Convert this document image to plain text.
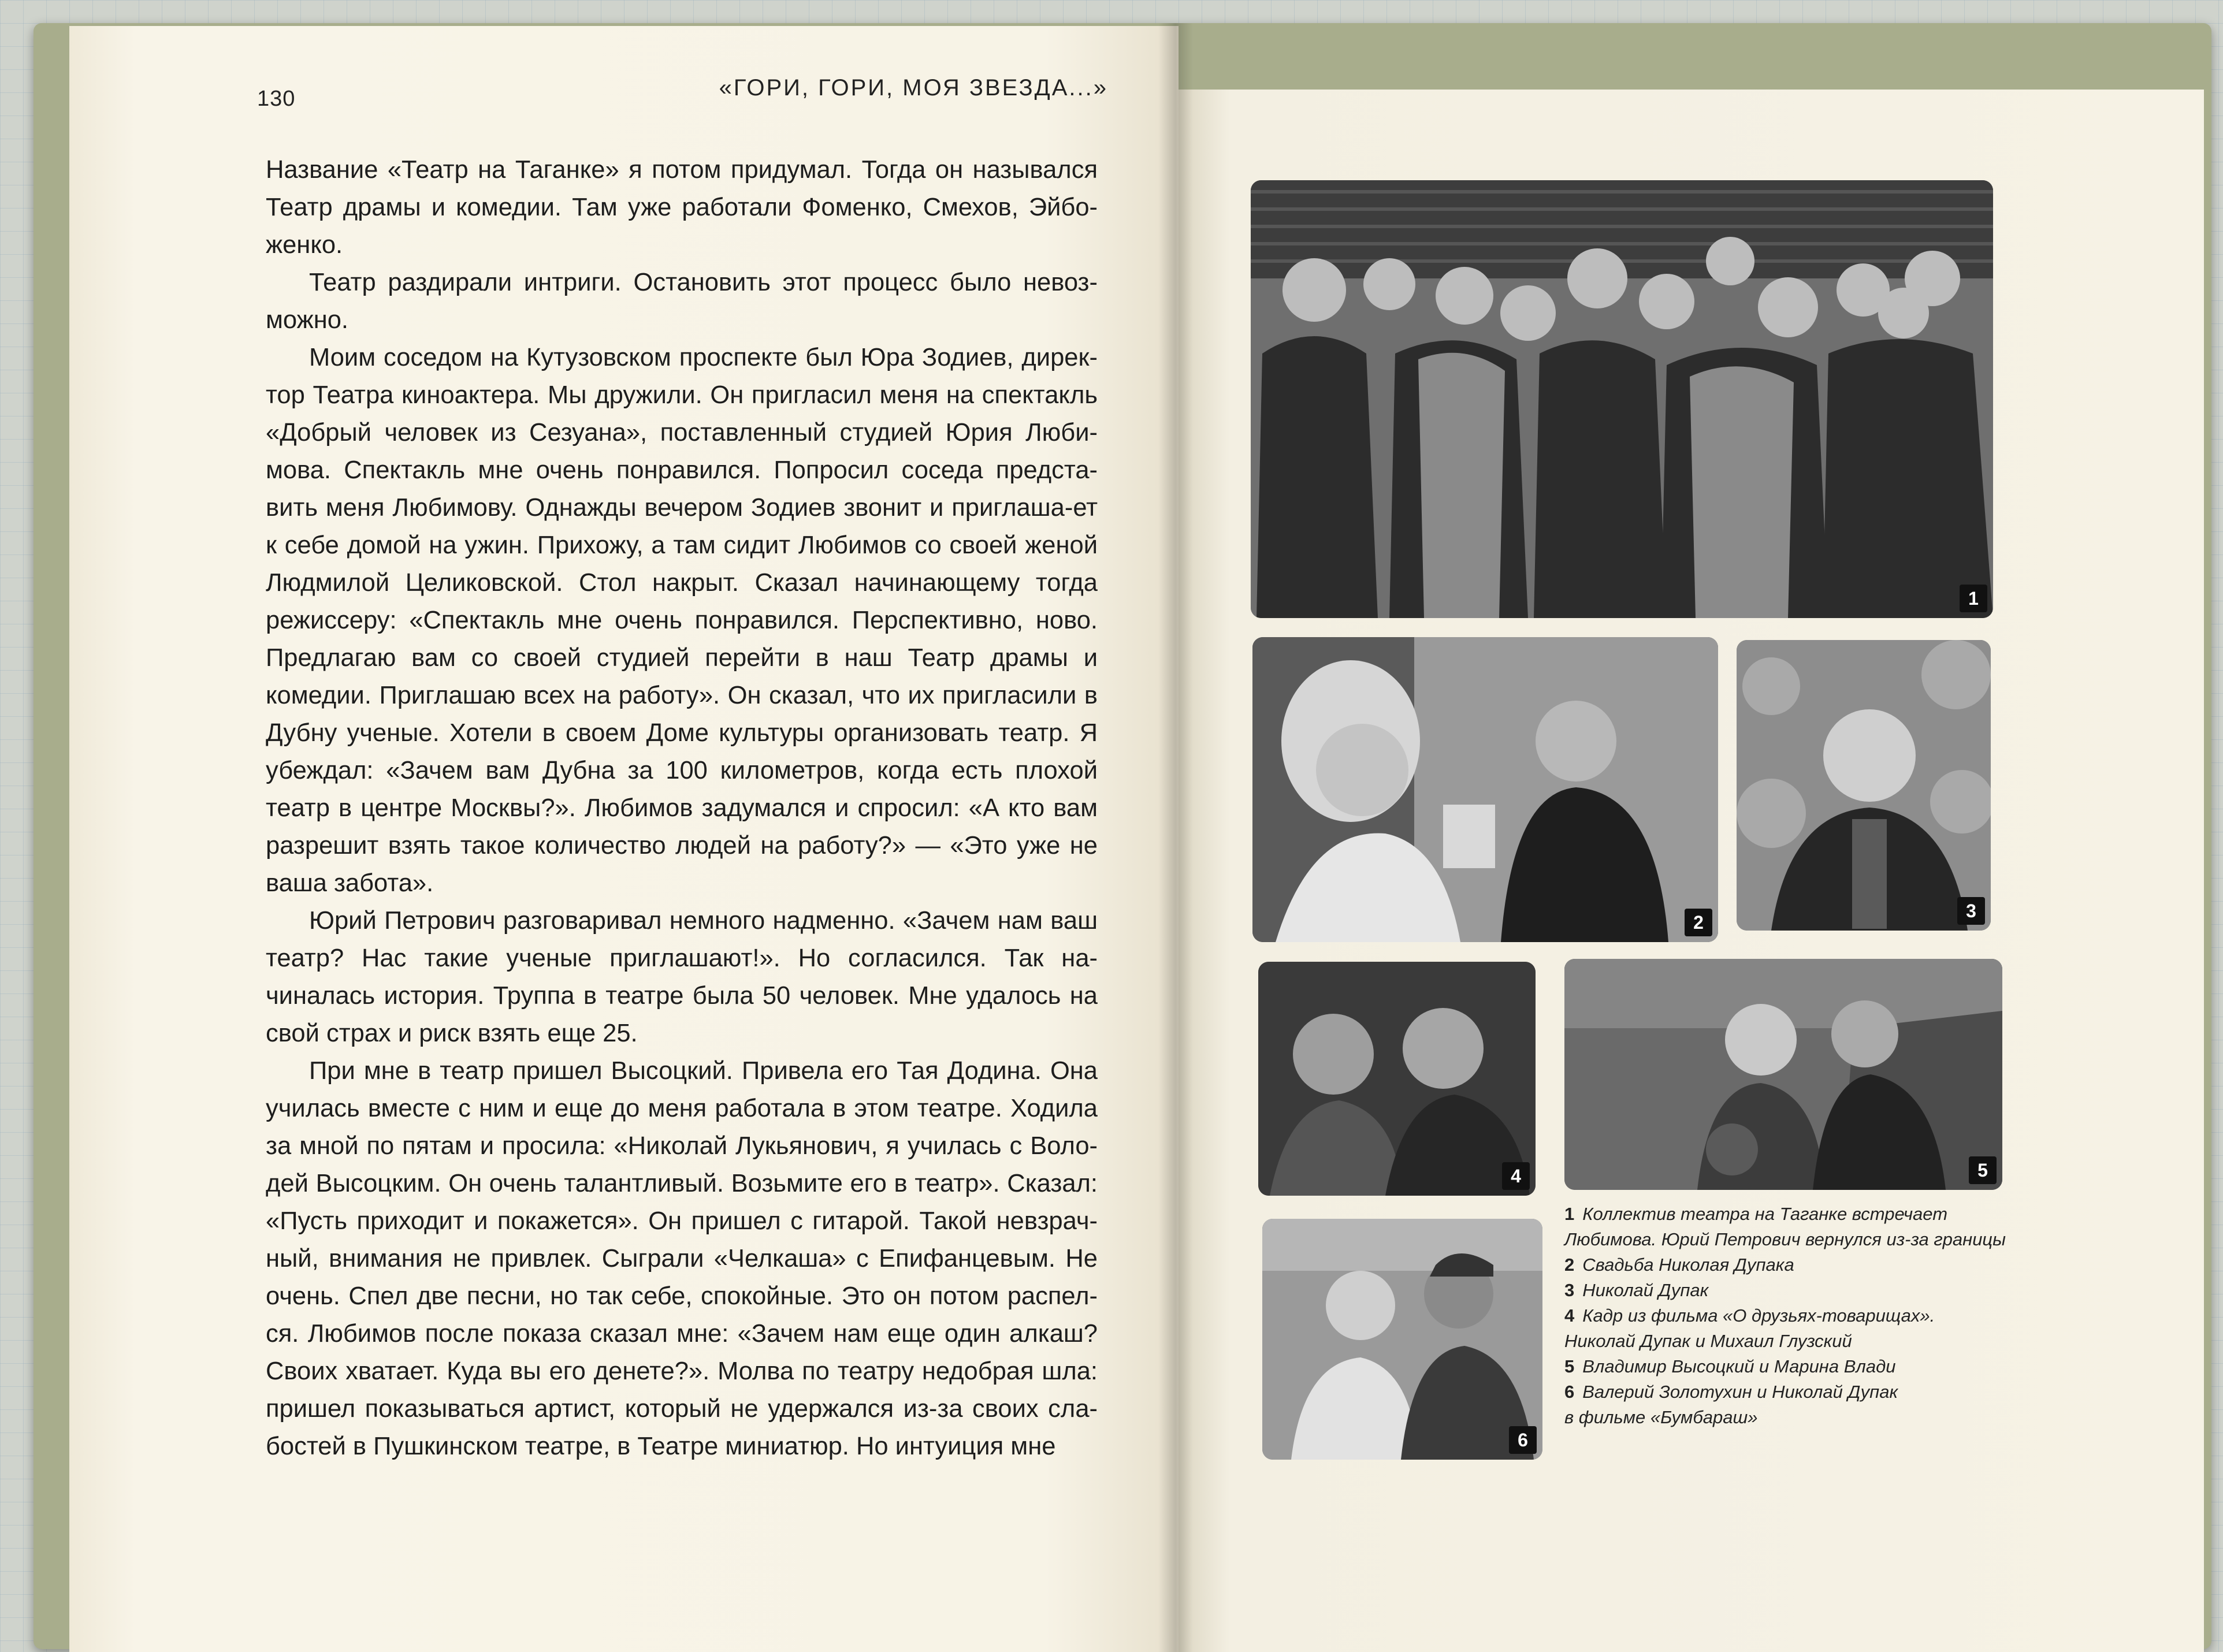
130	«ГОРИ, ГОРИ, МОЯ ЗВЕЗДА...»

Название «Театр на Таганке» я потом придумал. Тогда он назывался Театр драмы и комедии. Там уже работали Фоменко, Смехов, Эйбо-женко.

Театр раздирали интриги. Остановить этот процесс было невоз-можно.

Моим соседом на Кутузовском проспекте был Юра Зодиев, дирек-тор Театра киноактера. Мы дружили. Он пригласил меня на спектакль «Добрый человек из Сезуана», поставленный студией Юрия Люби-мова. Спектакль мне очень понравился. Попросил соседа предста-вить меня Любимову. Однажды вечером Зодиев звонит и приглаша-ет к себе домой на ужин. Прихожу, а там сидит Любимов со своей женой Людмилой Целиковской. Стол накрыт. Сказал начинающему тогда режиссеру: «Спектакль мне очень понравился. Перспективно, ново. Предлагаю вам со своей студией перейти в наш Театр драмы и комедии. Приглашаю всех на работу». Он сказал, что их пригласили в Дубну ученые. Хотели в своем Доме культуры организовать театр. Я убеждал: «Зачем вам Дубна за 100 километров, когда есть плохой театр в центре Москвы?». Любимов задумался и спросил: «А кто вам разрешит взять такое количество людей на работу?» — «Это уже не ваша забота».

Юрий Петрович разговаривал немного надменно. «Зачем нам ваш театр? Нас такие ученые приглашают!». Но согласился. Так на-чиналась история. Труппа в театре была 50 человек. Мне удалось на свой страх и риск взять еще 25.

При мне в театр пришел Высоцкий. Привела его Тая Додина. Она училась вместе с ним и еще до меня работала в этом театре. Ходила за мной по пятам и просила: «Николай Лукьянович, я училась с Воло-дей Высоцким. Он очень талантливый. Возьмите его в театр». Сказал: «Пусть приходит и покажется». Он пришел с гитарой. Такой невзрач-ный, внимания не привлек. Сыграли «Челкаша» с Епифанцевым. Не очень. Спел две песни, но так себе, спокойные. Это он потом распел-ся. Любимов после показа сказал мне: «Зачем нам еще один алкаш? Своих хватает. Куда вы его денете?». Молва по театру недобрая шла: пришел показываться артист, который не удержался из-за своих сла-бостей в Пушкинском театре, в Театре миниатюр. Но интуиция мне

1
2
3
4	5
6
1 Коллектив театра на Таганке встречает
Любимова. Юрий Петрович вернулся из-за границы
2 Свадьба Николая Дупака
3 Николай Дупак
4 Кадр из фильма «О друзьях-товарищах».
Николай Дупак и Михаил Глузский
5 Владимир Высоцкий и Марина Влади
6 Валерий Золотухин и Николай Дупак
в фильме «Бумбараш»
